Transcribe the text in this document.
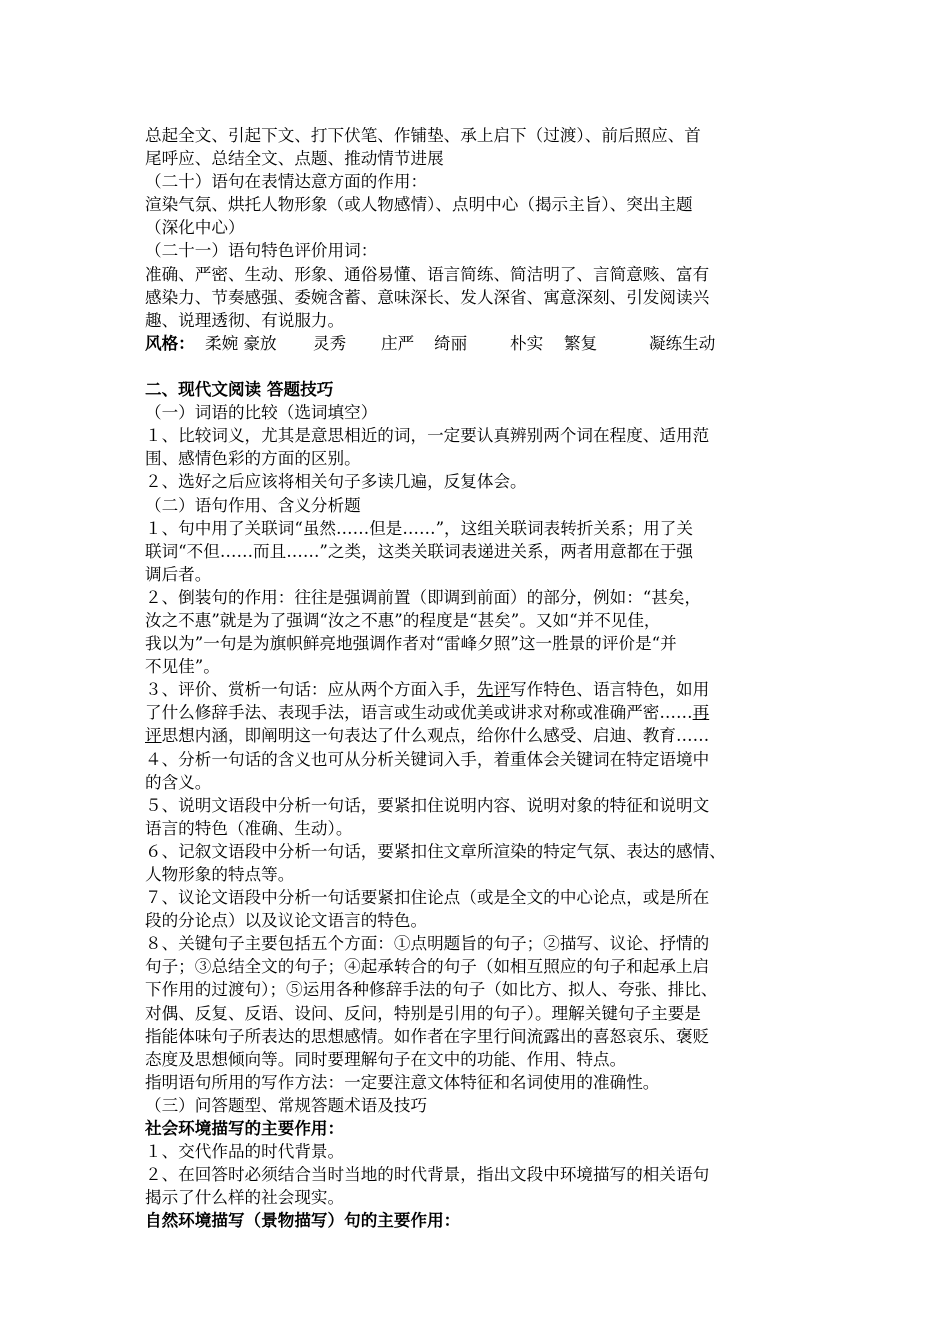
总起全文、引起下文、打下伏笔、作铺垫、承上启下（过渡）、前后照应、首
尾呼应、总结全文、点题、推动情节进展
（二十）语句在表情达意方面的作用：
渲染气氛、烘托人物形象（或人物感情）、点明中心（揭示主旨）、突出主题
（深化中心）
（二十一）语句特色评价用词：
准确、严密、生动、形象、通俗易懂、语言简练、简洁明了、言简意赅、富有
感染力、节奏感强、委婉含蓄、意味深长、发人深省、寓意深刻、引发阅读兴
趣、说理透彻、有说服力。
风格： 柔婉 豪放 灵秀 庄严 绮丽	朴实 繁复	凝练生动
二、现代文阅读 答题技巧
（一）词语的比较（选词填空）
１、比较词义，尤其是意思相近的词，一定要认真辨别两个词在程度、适用范
围、感情色彩的方面的区别。
２、选好之后应该将相关句子多读几遍，反复体会。
（二）语句作用、含义分析题
１、句中用了关联词“虽然……但是……”，这组关联词表转折关系；用了关
联词“不但……而且……”之类，这类关联词表递进关系，两者用意都在于强
调后者。
２、倒装句的作用：往往是强调前置（即调到前面）的部分，例如：“甚矣，
汝之不惠”就是为了强调“汝之不惠”的程度是“甚矣”。又如“并不见佳，
我以为”一句是为旗帜鲜亮地强调作者对“雷峰夕照”这一胜景的评价是“并
不见佳”。
３、评价、赏析一句话：应从两个方面入手，先评写作特色、语言特色，如用
了什么修辞手法、表现手法，语言或生动或优美或讲求对称或准确严密……再
评思想内涵，即阐明这一句表达了什么观点，给你什么感受、启迪、教育……
４、分析一句话的含义也可从分析关键词入手，着重体会关键词在特定语境中
的含义。
５、说明文语段中分析一句话，要紧扣住说明内容、说明对象的特征和说明文
语言的特色（准确、生动）。
６、记叙文语段中分析一句话，要紧扣住文章所渲染的特定气氛、表达的感情、
人物形象的特点等。
７、议论文语段中分析一句话要紧扣住论点（或是全文的中心论点，或是所在
段的分论点）以及议论文语言的特色。
８、关键句子主要包括五个方面：①点明题旨的句子；②描写、议论、抒情的
句子；③总结全文的句子；④起承转合的句子（如相互照应的句子和起承上启
下作用的过渡句）；⑤运用各种修辞手法的句子（如比方、拟人、夸张、排比、
对偶、反复、反语、设问、反问，特别是引用的句子）。理解关键句子主要是
指能体味句子所表达的思想感情。如作者在字里行间流露出的喜怒哀乐、褒贬
态度及思想倾向等。同时要理解句子在文中的功能、作用、特点。
指明语句所用的写作方法：一定要注意文体特征和名词使用的准确性。
（三）问答题型、常规答题术语及技巧
社会环境描写的主要作用：
１、交代作品的时代背景。
２、在回答时必须结合当时当地的时代背景，指出文段中环境描写的相关语句
揭示了什么样的社会现实。
自然环境描写（景物描写）句的主要作用：
